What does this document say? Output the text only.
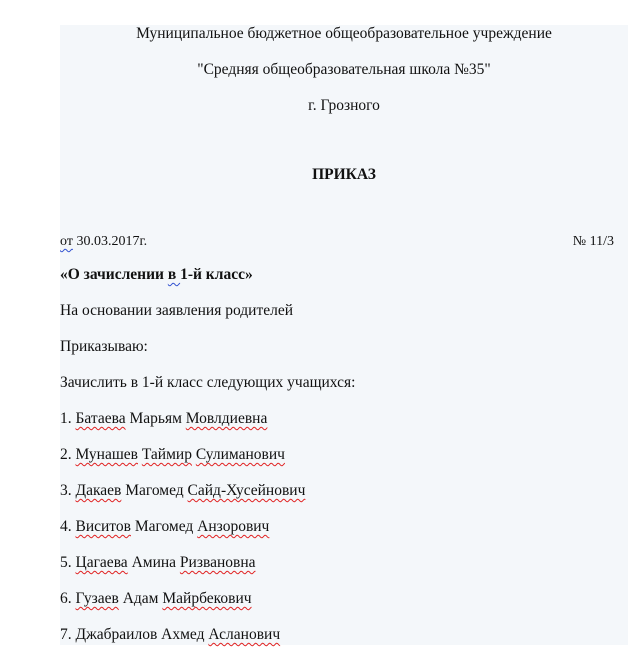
Муниципальное бюджетное общеобразовательное учреждение
"Средняя общеобразовательная школа №35"
г. Грозного
ПРИКАЗ
от 30.03.2017г.	№ 11/3
«О зачислении в 1-й класс»
На основании заявления родителей
Приказываю:
Зачислить в 1-й класс следующих учащихся:
1. Батаева Марьям Мовлдиевна
2. Мунашев Таймир Сулиманович
3. Дакаев Магомед Сайд-Хусейнович
4. Виситов Магомед Анзорович
5. Цагаева Амина Ризвановна
6. Гузаев Адам Майрбекович
7. Джабраилов Ахмед Асланович
